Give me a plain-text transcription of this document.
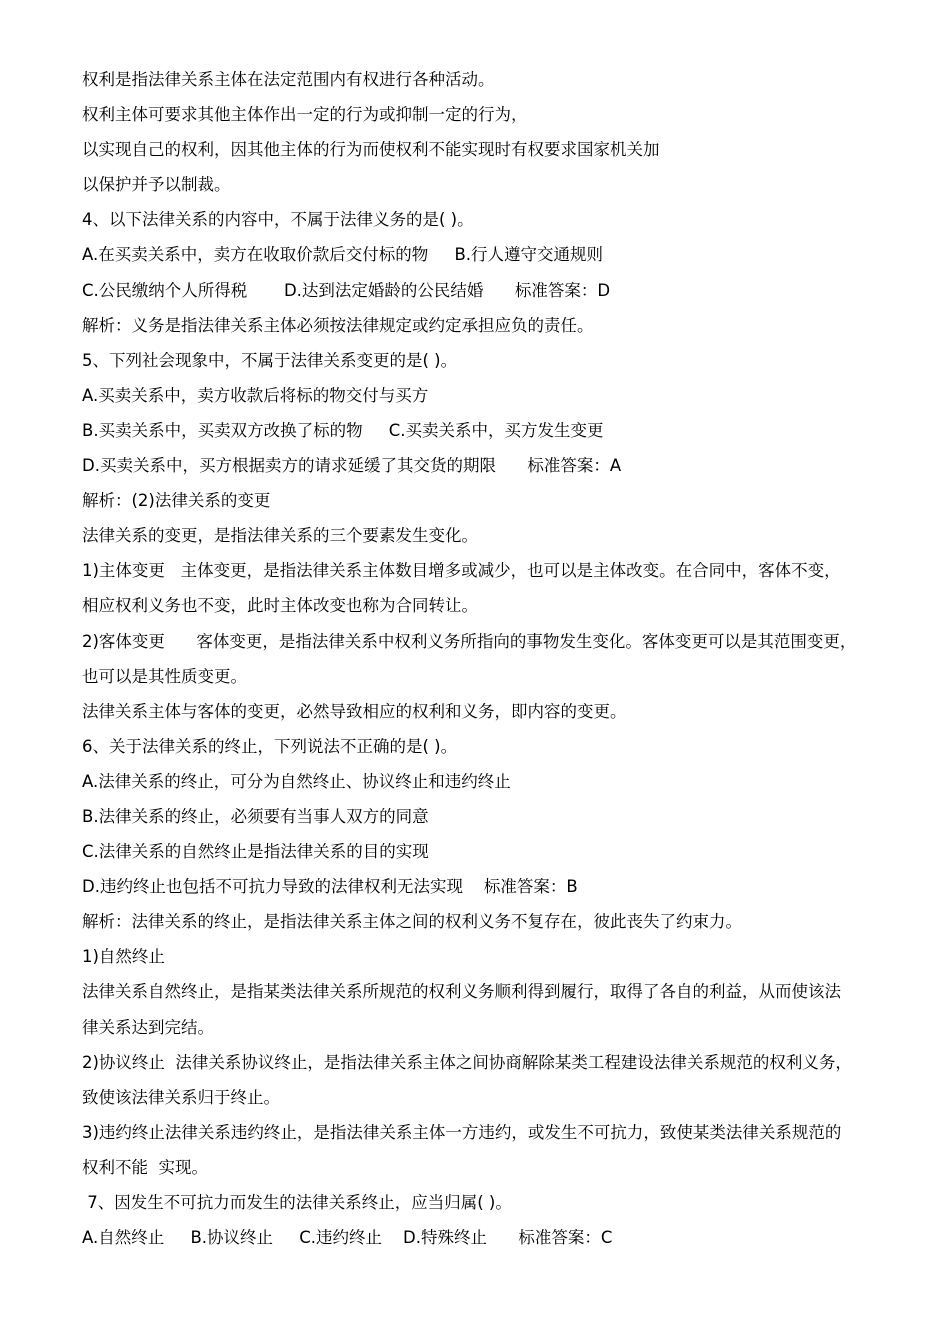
权利是指法律关系主体在法定范围内有权进行各种活动。
权利主体可要求其他主体作出一定的行为或抑制一定的行为，
以实现自己的权利，因其他主体的行为而使权利不能实现时有权要求国家机关加
以保护并予以制裁。
4、以下法律关系的内容中，不属于法律义务的是( )。
A.在买卖关系中，卖方在收取价款后交付标的物     B.行人遵守交通规则
C.公民缴纳个人所得税       D.达到法定婚龄的公民结婚      标准答案：D
解析：义务是指法律关系主体必须按法律规定或约定承担应负的责任。
5、下列社会现象中，不属于法律关系变更的是( )。
A.买卖关系中，卖方收款后将标的物交付与买方
B.买卖关系中，买卖双方改换了标的物     C.买卖关系中，买方发生变更
D.买卖关系中，买方根据卖方的请求延缓了其交货的期限      标准答案：A
解析：(2)法律关系的变更
法律关系的变更，是指法律关系的三个要素发生变化。
1)主体变更   主体变更，是指法律关系主体数目增多或减少，也可以是主体改变。在合同中，客体不变，
相应权利义务也不变，此时主体改变也称为合同转让。
2)客体变更      客体变更，是指法律关系中权利义务所指向的事物发生变化。客体变更可以是其范围变更，
也可以是其性质变更。
法律关系主体与客体的变更，必然导致相应的权利和义务，即内容的变更。
6、关于法律关系的终止，下列说法不正确的是( )。
A.法律关系的终止，可分为自然终止、协议终止和违约终止
B.法律关系的终止，必须要有当事人双方的同意
C.法律关系的自然终止是指法律关系的目的实现
D.违约终止也包括不可抗力导致的法律权利无法实现    标准答案：B
解析：法律关系的终止，是指法律关系主体之间的权利义务不复存在，彼此丧失了约束力。
1)自然终止
法律关系自然终止，是指某类法律关系所规范的权利义务顺利得到履行，取得了各自的利益，从而使该法
律关系达到完结。
2)协议终止  法律关系协议终止，是指法律关系主体之间协商解除某类工程建设法律关系规范的权利义务，
致使该法律关系归于终止。
3)违约终止法律关系违约终止，是指法律关系主体一方违约，或发生不可抗力，致使某类法律关系规范的
权利不能  实现。
7、因发生不可抗力而发生的法律关系终止，应当归属( )。
A.自然终止     B.协议终止     C.违约终止    D.特殊终止      标准答案：C
